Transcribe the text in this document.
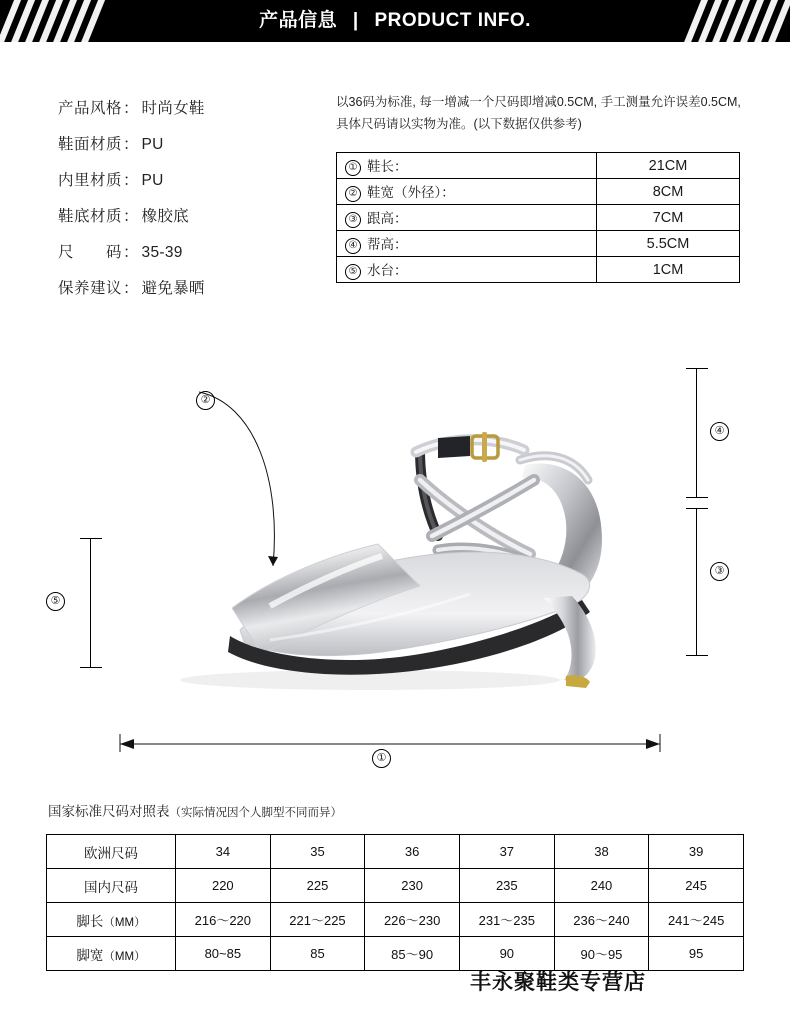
产品信息 | PRODUCT INFO.
产品风格 ： 时尚女鞋
鞋面材质 ： PU
内里材质 ： PU
鞋底材质 ： 橡胶底
尺　　码 ： 35-39
保养建议 ： 避免暴晒
以36码为标准, 每一增减一个尺码即增减0.5CM, 手工测量允许误差0.5CM, 具体尺码请以实物为准。(以下数据仅供参考)
① 鞋长：	21CM
② 鞋宽（外径）：	8CM
③ 跟高：	7CM
④ 帮高：	5.5CM
⑤ 水台：	1CM
②
④
③
⑤
①
国家标准尺码对照表（实际情况因个人脚型不同而异）
欧洲尺码	34	35	36	37	38	39
国内尺码	220	225	230	235	240	245
脚长（MM）	216～220	221～225	226～230	231～235	236～240	241～245
脚宽（MM）	80~85	85	85～90	90	90～95	95
丰永聚鞋类专营店
